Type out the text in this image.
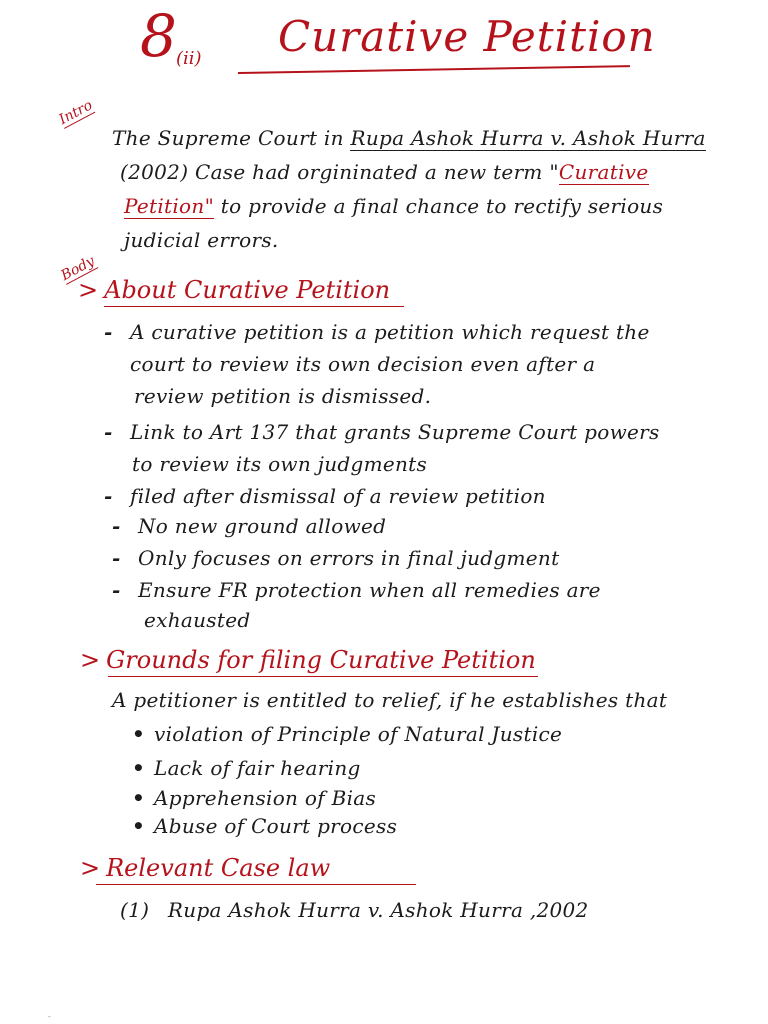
8 (ii) Curative Petition
Intro
The Supreme Court in Rupa Ashok Hurra v. Ashok Hurra
(2002) Case had orgininated a new term "Curative
Petition" to provide a final chance to rectify serious
judicial errors.
Body
> About Curative Petition
- A curative petition is a petition which request the
court to review its own decision even after a
review petition is dismissed.
- Link to Art 137 that grants Supreme Court powers
to review its own judgments
- filed after dismissal of a review petition
- No new ground allowed
- Only focuses on errors in final judgment
- Ensure FR protection when all remedies are
exhausted
> Grounds for filing Curative Petition
A petitioner is entitled to relief, if he establishes that
• violation of Principle of Natural Justice
• Lack of fair hearing
• Apprehension of Bias
• Abuse of Court process
> Relevant Case law
(1) Rupa Ashok Hurra v. Ashok Hurra ,2002
-
